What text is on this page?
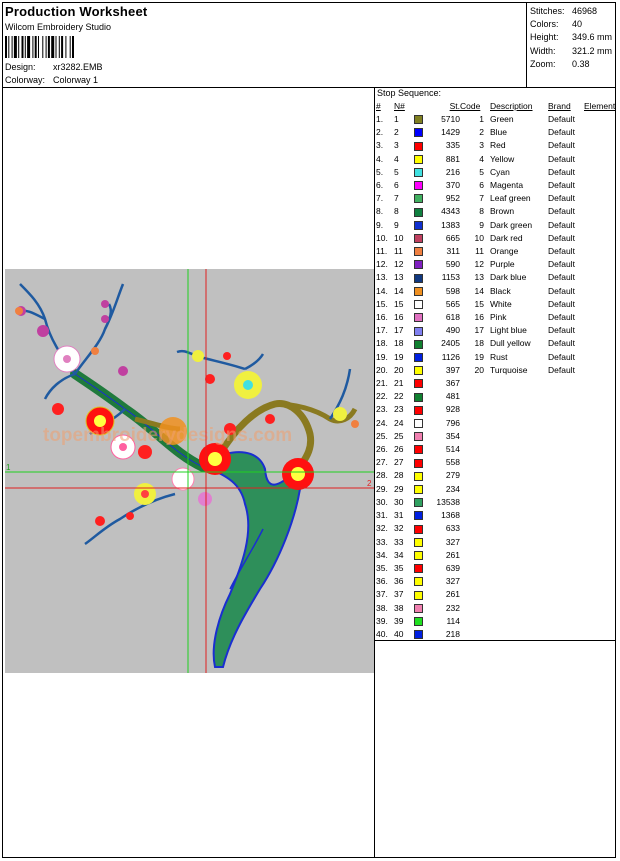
Production Worksheet
Wilcom Embroidery Studio
Design: xr3282.EMB
Colorway: Colorway 1
Stitches: 46968
Colors: 40
Height: 349.6 mm
Width: 321.2 mm
Zoom: 0.38
topembroiderydesigns.com
1
2
Stop Sequence:
#	N#		St.	Code	Description	Brand	Element
1.	1		5710	1	Green	Default	
2.	2		1429	2	Blue	Default	
3.	3		335	3	Red	Default	
4.	4		881	4	Yellow	Default	
5.	5		216	5	Cyan	Default	
6.	6		370	6	Magenta	Default	
7.	7		952	7	Leaf green	Default	
8.	8		4343	8	Brown	Default	
9.	9		1383	9	Dark green	Default	
10.	10		665	10	Dark red	Default	
11.	11		311	11	Orange	Default	
12.	12		590	12	Purple	Default	
13.	13		1153	13	Dark blue	Default	
14.	14		598	14	Black	Default	
15.	15		565	15	White	Default	
16.	16		618	16	Pink	Default	
17.	17		490	17	Light blue	Default	
18.	18		2405	18	Dull yellow	Default	
19.	19		1126	19	Rust	Default	
20.	20		397	20	Turquoise	Default	
21.	21		367				
22.	22		481				
23.	23		928				
24.	24		796				
25.	25		354				
26.	26		514				
27.	27		558				
28.	28		279				
29.	29		234				
30.	30		13538				
31.	31		1368				
32.	32		633				
33.	33		327				
34.	34		261				
35.	35		639				
36.	36		327				
37.	37		261				
38.	38		232				
39.	39		114				
40.	40		218				
